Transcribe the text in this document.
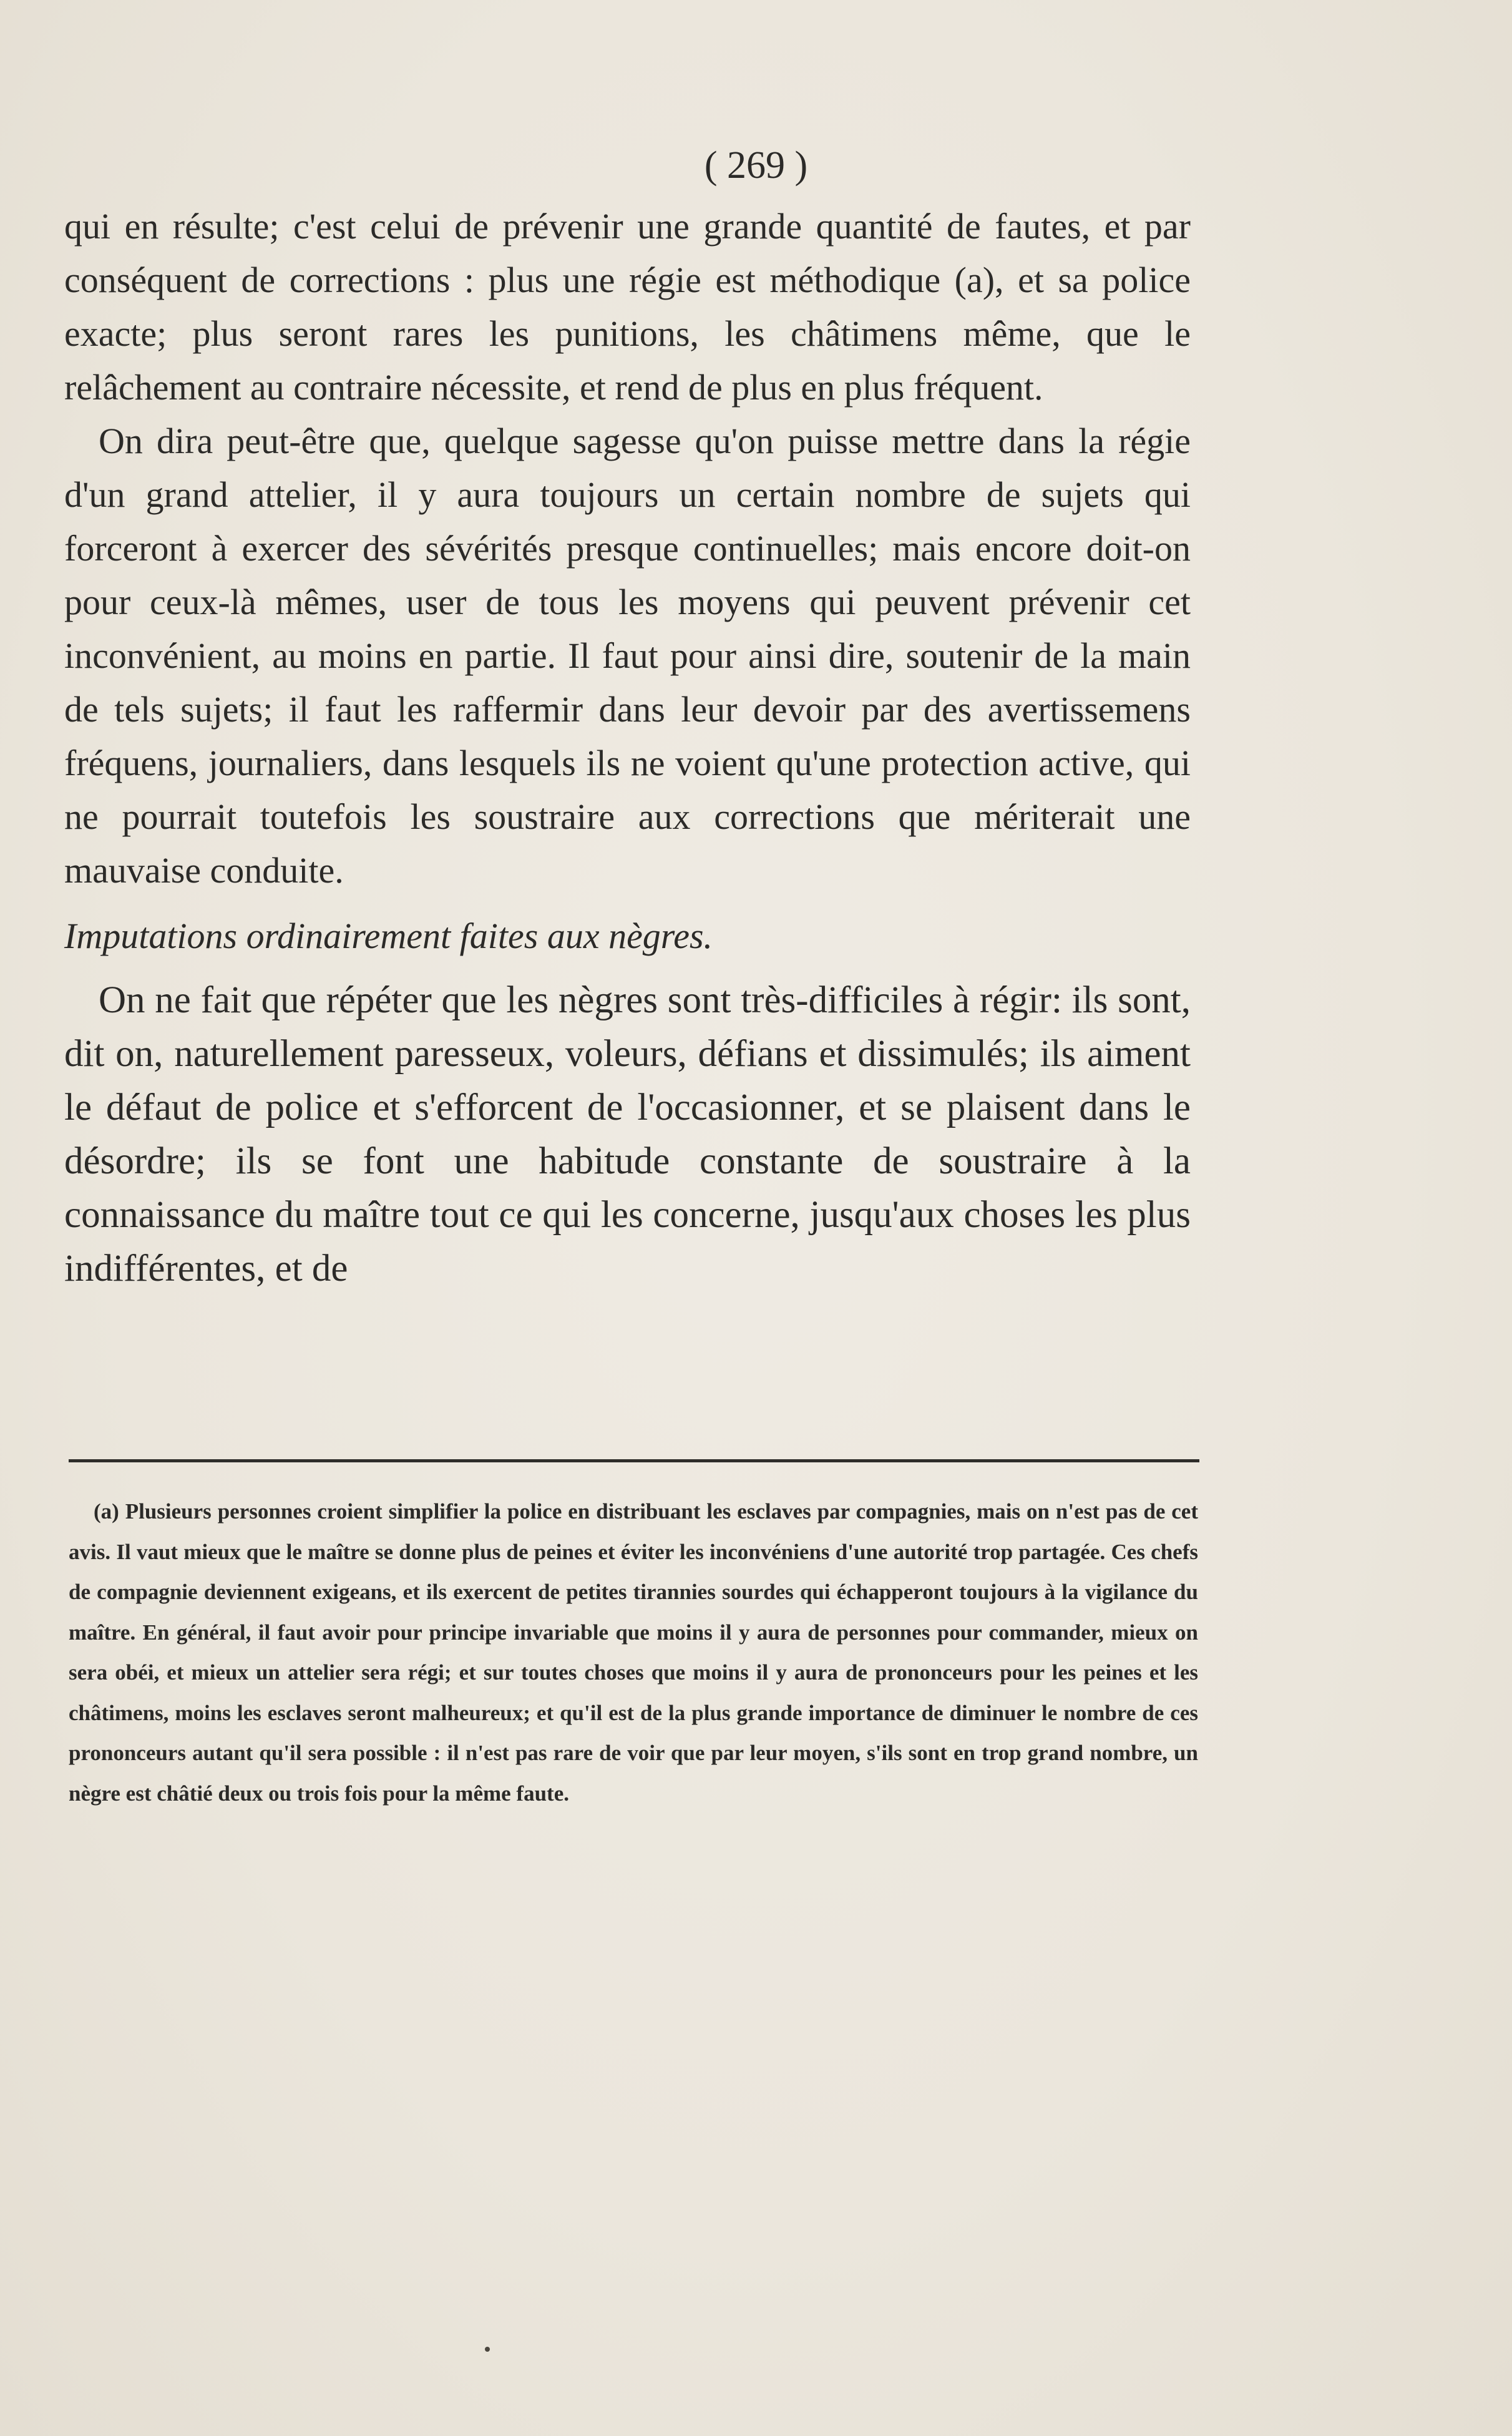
( 269 )

qui en résulte; c'est celui de prévenir une grande quantité de fautes, et par conséquent de corrections : plus une régie est méthodique (a), et sa police exacte; plus seront rares les punitions, les châtimens même, que le relâchement au contraire nécessite, et rend de plus en plus fréquent.

On dira peut-être que, quelque sagesse qu'on puisse mettre dans la régie d'un grand attelier, il y aura toujours un certain nombre de sujets qui forceront à exercer des sévérités presque continuelles; mais encore doit-on pour ceux-là mêmes, user de tous les moyens qui peuvent prévenir cet inconvénient, au moins en partie. Il faut pour ainsi dire, soutenir de la main de tels sujets; il faut les raffermir dans leur devoir par des avertissemens fréquens, journaliers, dans lesquels ils ne voient qu'une protection active, qui ne pourrait toutefois les soustraire aux corrections que mériterait une mauvaise conduite.

Imputations ordinairement faites aux nègres.

On ne fait que répéter que les nègres sont très-difficiles à régir: ils sont, dit on, naturellement paresseux, voleurs, défians et dissimulés; ils aiment le défaut de police et s'efforcent de l'occasionner, et se plaisent dans le désordre; ils se font une habitude constante de soustraire à la connaissance du maître tout ce qui les concerne, jusqu'aux choses les plus indifférentes, et de

(a) Plusieurs personnes croient simplifier la police en distribuant les esclaves par compagnies, mais on n'est pas de cet avis. Il vaut mieux que le maître se donne plus de peines et éviter les inconvéniens d'une autorité trop partagée. Ces chefs de compagnie deviennent exigeans, et ils exercent de petites tirannies sourdes qui échapperont toujours à la vigilance du maître. En général, il faut avoir pour principe invariable que moins il y aura de personnes pour commander, mieux on sera obéi, et mieux un attelier sera régi; et sur toutes choses que moins il y aura de prononceurs pour les peines et les châtimens, moins les esclaves seront malheureux; et qu'il est de la plus grande importance de diminuer le nombre de ces prononceurs autant qu'il sera possible : il n'est pas rare de voir que par leur moyen, s'ils sont en trop grand nombre, un nègre est châtié deux ou trois fois pour la même faute.
